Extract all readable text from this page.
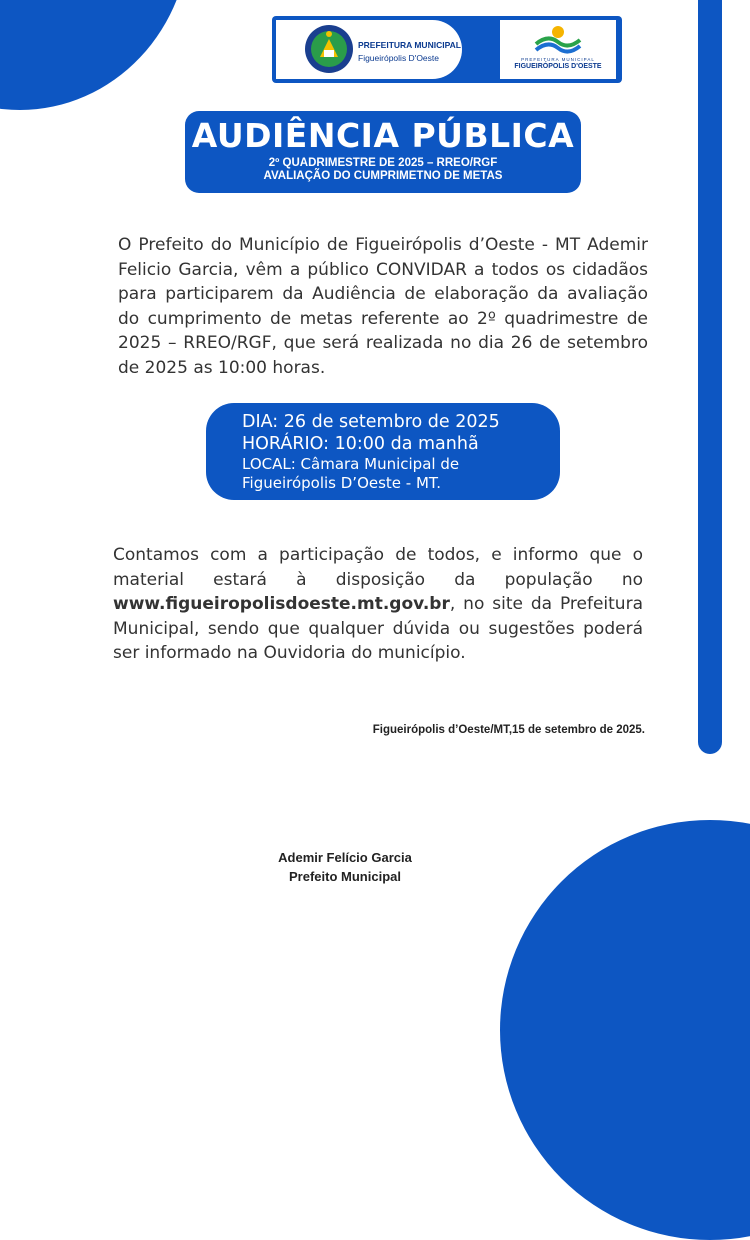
PREFEITURA MUNICIPAL
Figueirópolis D'Oeste	PREFEITURA MUNICIPAL
FIGUEIRÓPOLIS D'OESTE
AUDIÊNCIA PÚBLICA
2º QUADRIMESTRE DE 2025 – RREO/RGF
AVALIAÇÃO DO CUMPRIMETNO DE METAS
O Prefeito do Município de Figueirópolis d’Oeste - MT Ademir Felicio Garcia, vêm a público CONVIDAR a todos os cidadãos para participarem da Audiência de elaboração da avaliação do cumprimento de metas referente ao 2º quadrimestre de 2025 – RREO/RGF, que será realizada no dia 26 de setembro de 2025 as 10:00 horas.
DIA: 26 de setembro de 2025
HORÁRIO: 10:00 da manhã
LOCAL: Câmara Municipal de
Figueirópolis D’Oeste - MT.
Contamos com a participação de todos, e informo que o material estará à disposição da população no www.figueiropolisdoeste.mt.gov.br, no site da Prefeitura Municipal, sendo que qualquer dúvida ou sugestões poderá ser informado na Ouvidoria do município.
Figueirópolis d’Oeste/MT,15 de setembro de 2025.
Ademir Felício Garcia
Prefeito Municipal
